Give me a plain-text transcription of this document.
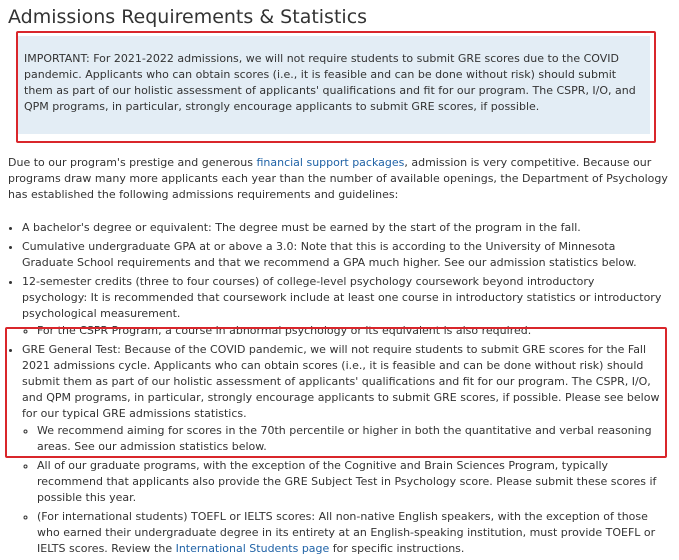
Admissions Requirements & Statistics

IMPORTANT: For 2021-2022 admissions, we will not require students to submit GRE scores due to the COVID
pandemic. Applicants who can obtain scores (i.e., it is feasible and can be done without risk) should submit them as part of our holistic assessment of applicants' qualifications and fit for our program. The CSPR, I/O, and QPM programs, in particular, strongly encourage applicants to submit GRE scores, if possible.

Due to our program's prestige and generous financial support packages, admission is very competitive. Because our programs draw many more applicants each year than the number of available openings, the Department of Psychology has established the following admissions requirements and guidelines:

• A bachelor's degree or equivalent: The degree must be earned by the start of the program in the fall.
• Cumulative undergraduate GPA at or above a 3.0: Note that this is according to the University of Minnesota Graduate School requirements and that we recommend a GPA much higher. See our admission statistics below.
• 12-semester credits (three to four courses) of college-level psychology coursework beyond introductory psychology: It is recommended that coursework include at least one course in introductory statistics or introductory psychological measurement.
◦ For the CSPR Program, a course in abnormal psychology or its equivalent is also required.
• GRE General Test: Because of the COVID pandemic, we will not require students to submit GRE scores for the Fall 2021 admissions cycle. Applicants who can obtain scores (i.e., it is feasible and can be done without risk) should submit them as part of our holistic assessment of applicants' qualifications and fit for our program. The CSPR, I/O, and QPM programs, in particular, strongly encourage applicants to submit GRE scores, if possible. Please see below for our typical GRE admissions statistics.
◦ We recommend aiming for scores in the 70th percentile or higher in both the quantitative and verbal reasoning areas. See our admission statistics below.
◦ All of our graduate programs, with the exception of the Cognitive and Brain Sciences Program, typically recommend that applicants also provide the GRE Subject Test in Psychology score. Please submit these scores if possible this year.
◦ (For international students) TOEFL or IELTS scores: All non-native English speakers, with the exception of those who earned their undergraduate degree in its entirety at an English-speaking institution, must provide TOEFL or IELTS scores. Review the International Students page for specific instructions.
